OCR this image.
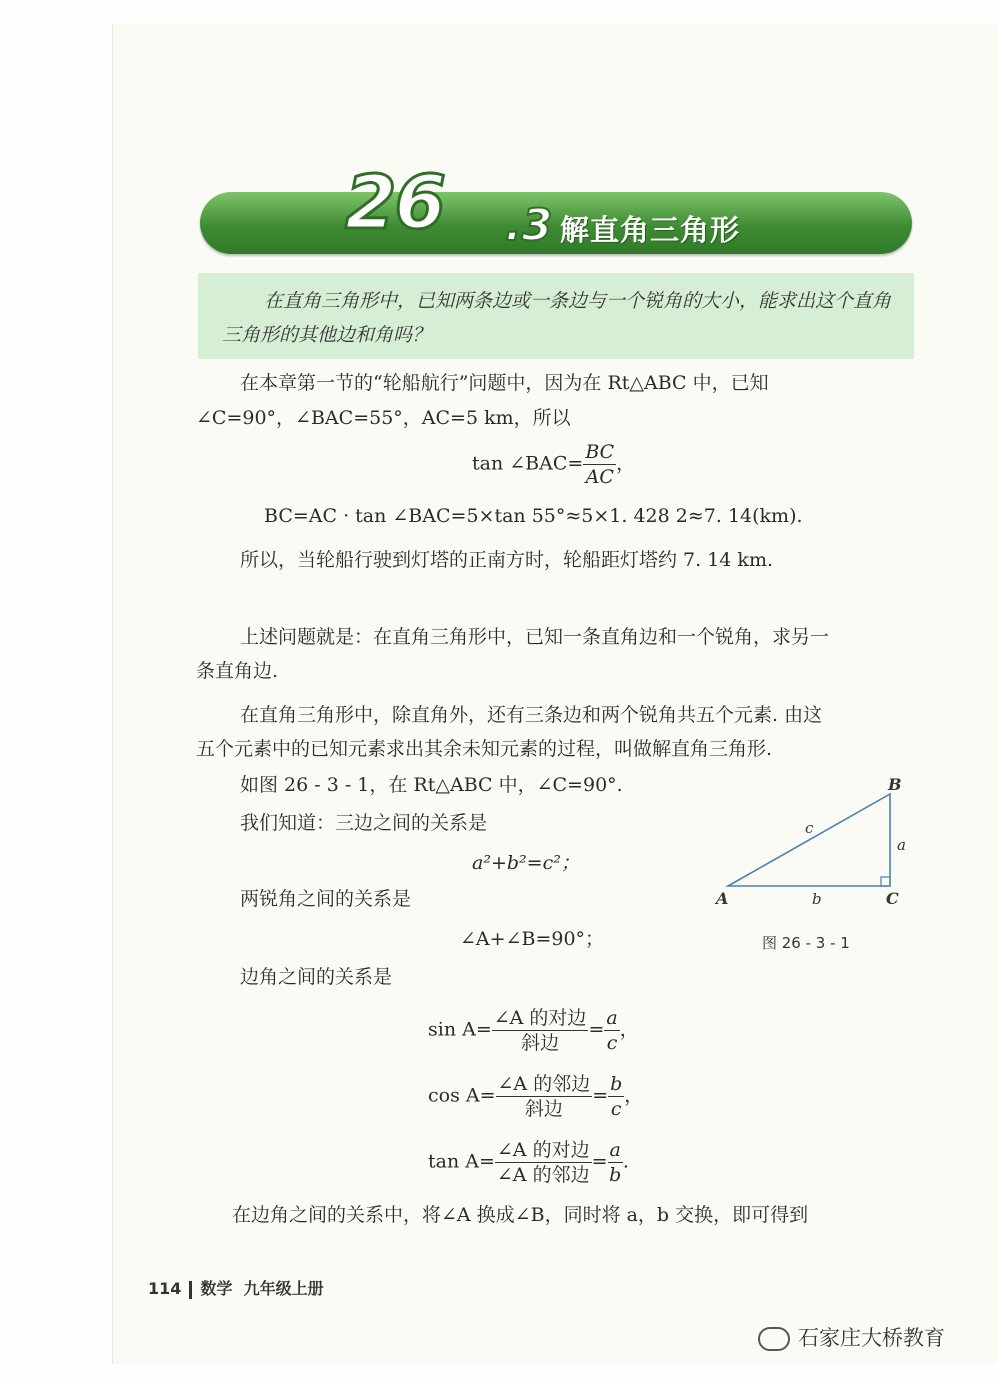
26 .3 解直角三角形
在直角三角形中，已知两条边或一条边与一个锐角的大小，能求出这个直角三角形的其他边和角吗？
在本章第一节的“轮船航行”问题中，因为在 Rt△ABC 中，已知
∠C=90°，∠BAC=55°，AC=5 km，所以
tan ∠BAC= $\frac{BC}{AC}$ ，
BC=AC · tan ∠BAC=5×tan 55°≈5×1. 428 2≈7. 14(km).
所以，当轮船行驶到灯塔的正南方时，轮船距灯塔约 7. 14 km.
上述问题就是：在直角三角形中，已知一条直角边和一个锐角，求另一
条直角边.
在直角三角形中，除直角外，还有三条边和两个锐角共五个元素. 由这
五个元素中的已知元素求出其余未知元素的过程，叫做解直角三角形.
如图 26 - 3 - 1，在 Rt△ABC 中，∠C=90°.
我们知道：三边之间的关系是
a²+b²=c²；
两锐角之间的关系是
∠A+∠B=90°；
边角之间的关系是
$\sin A= \frac{\text{∠A 的对边}}{\text{斜边}} = \frac{a}{c}$ ，
$\cos A= \frac{\text{∠A 的邻边}}{\text{斜边}} = \frac{b}{c}$ ，
$\tan A= \frac{\text{∠A 的对边}}{\text{∠A 的邻边}} = \frac{a}{b}$ .
在边角之间的关系中，将∠A 换成∠B，同时将 a，b 交换，即可得到
A
B
C
a
b
c
图 26 - 3 - 1
114 数学 九年级上册
石家庄大桥教育
